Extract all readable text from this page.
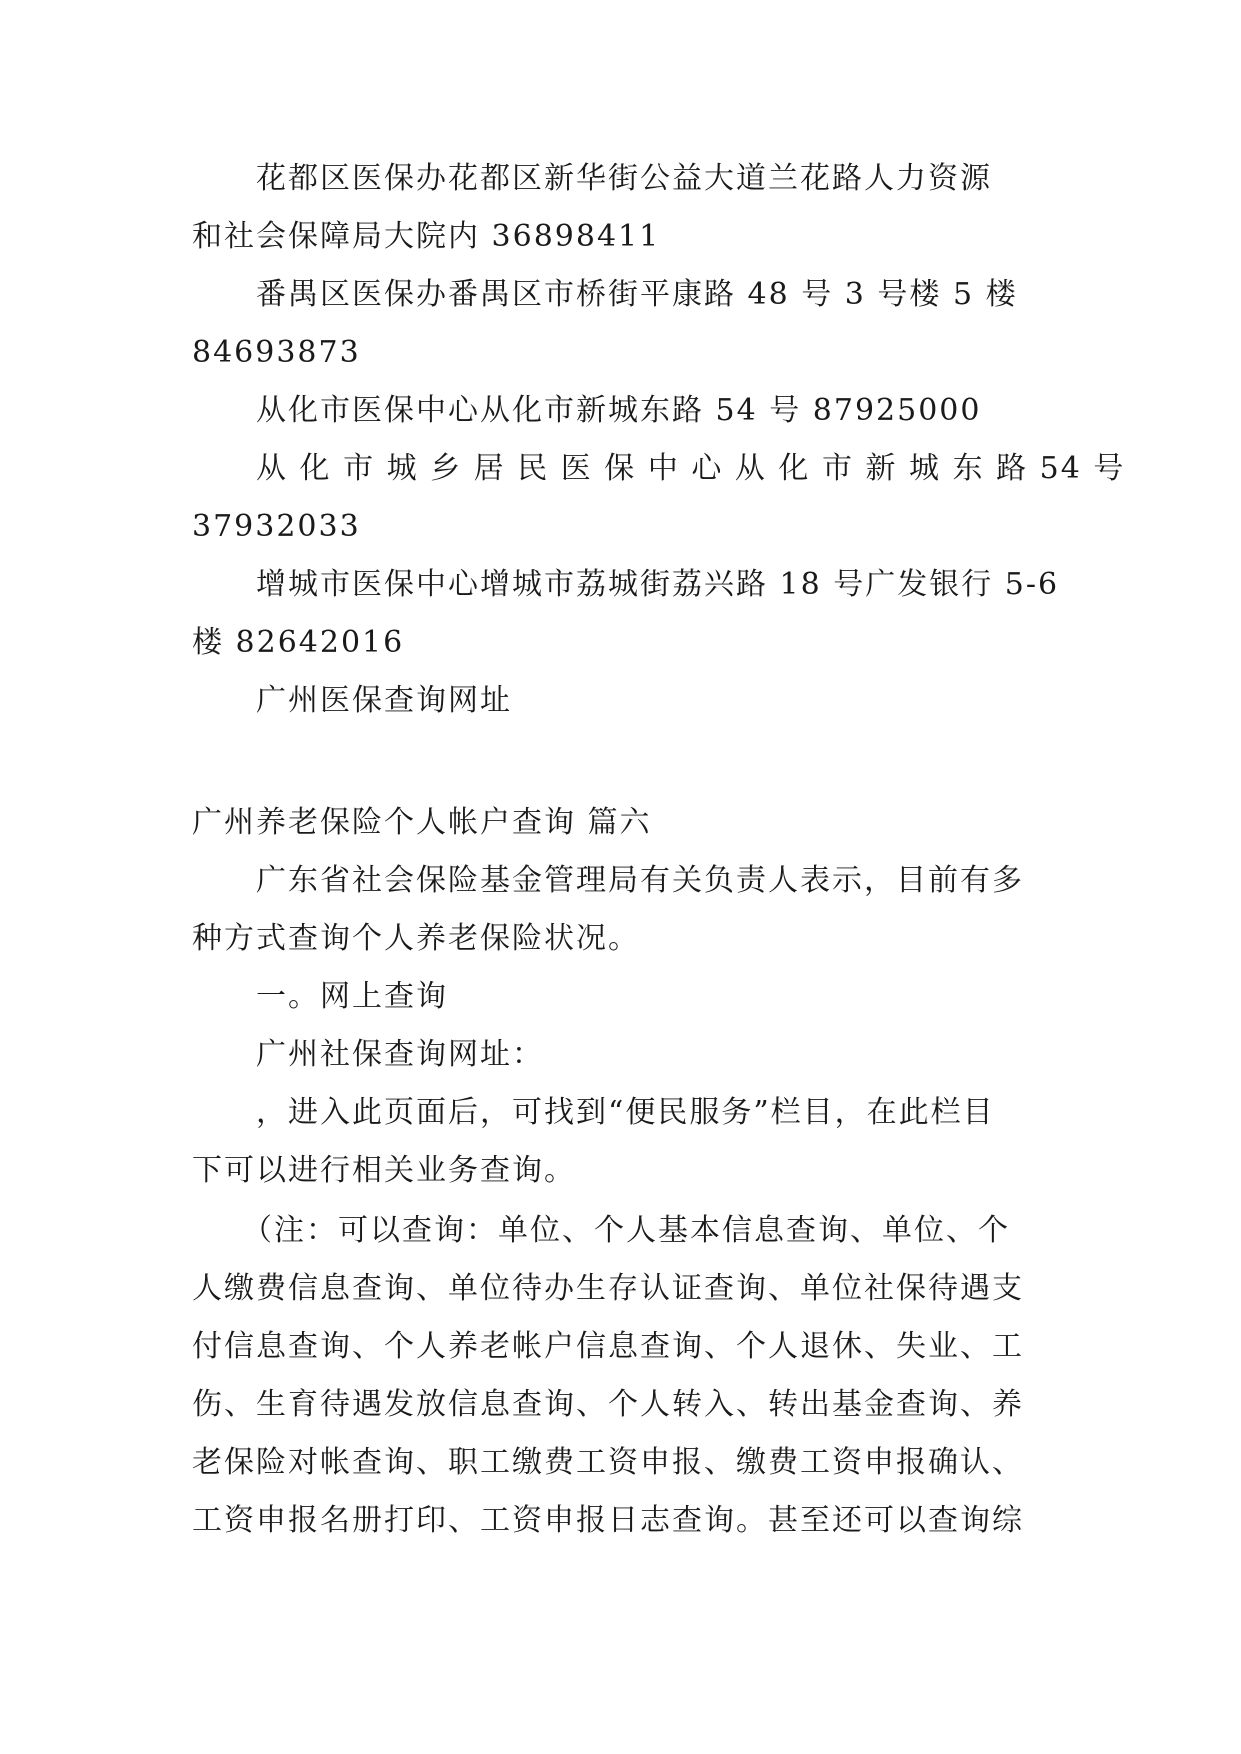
花都区医保办花都区新华街公益大道兰花路人力资源
和社会保障局大院内 36898411
番禺区医保办番禺区市桥街平康路 48 号 3 号楼 5 楼
84693873
从化市医保中心从化市新城东路 54 号 87925000
从 化 市 城 乡 居 民 医 保 中 心 从 化 市 新 城 东 路 54 号
37932033
增城市医保中心增城市荔城街荔兴路 18 号广发银行 5-6
楼 82642016
广州医保查询网址
广州养老保险个人帐户查询 篇六
广东省社会保险基金管理局有关负责人表示，目前有多
种方式查询个人养老保险状况。
一。网上查询
广州社保查询网址：
，进入此页面后，可找到“便民服务”栏目，在此栏目
下可以进行相关业务查询。
（注：可以查询：单位、个人基本信息查询、单位、个
人缴费信息查询、单位待办生存认证查询、单位社保待遇支
付信息查询、个人养老帐户信息查询、个人退休、失业、工
伤、生育待遇发放信息查询、个人转入、转出基金查询、养
老保险对帐查询、职工缴费工资申报、缴费工资申报确认、
工资申报名册打印、工资申报日志查询。甚至还可以查询综
